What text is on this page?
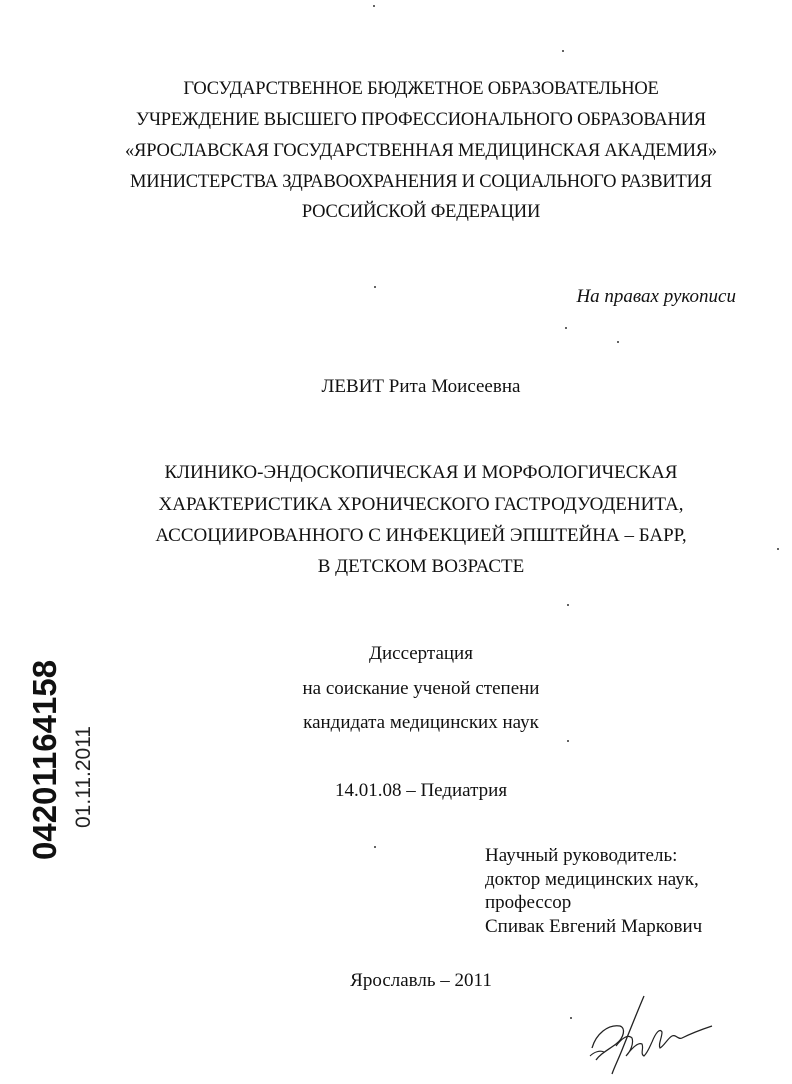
ГОСУДАРСТВЕННОЕ БЮДЖЕТНОЕ ОБРАЗОВАТЕЛЬНОЕ
УЧРЕЖДЕНИЕ ВЫСШЕГО ПРОФЕССИОНАЛЬНОГО ОБРАЗОВАНИЯ
«ЯРОСЛАВСКАЯ ГОСУДАРСТВЕННАЯ МЕДИЦИНСКАЯ АКАДЕМИЯ»
МИНИСТЕРСТВА ЗДРАВООХРАНЕНИЯ И СОЦИАЛЬНОГО РАЗВИТИЯ
РОССИЙСКОЙ ФЕДЕРАЦИИ
На правах рукописи
ЛЕВИТ Рита Моисеевна
КЛИНИКО-ЭНДОСКОПИЧЕСКАЯ И МОРФОЛОГИЧЕСКАЯ
ХАРАКТЕРИСТИКА ХРОНИЧЕСКОГО ГАСТРОДУОДЕНИТА,
АССОЦИИРОВАННОГО С ИНФЕКЦИЕЙ ЭПШТЕЙНА – БАРР,
В ДЕТСКОМ ВОЗРАСТЕ
Диссертация
на соискание ученой степени
кандидата медицинских наук
14.01.08 – Педиатрия
Научный руководитель:
доктор медицинских наук,
профессор
Спивак Евгений Маркович
Ярославль – 2011
04201164158 01.11.2011
